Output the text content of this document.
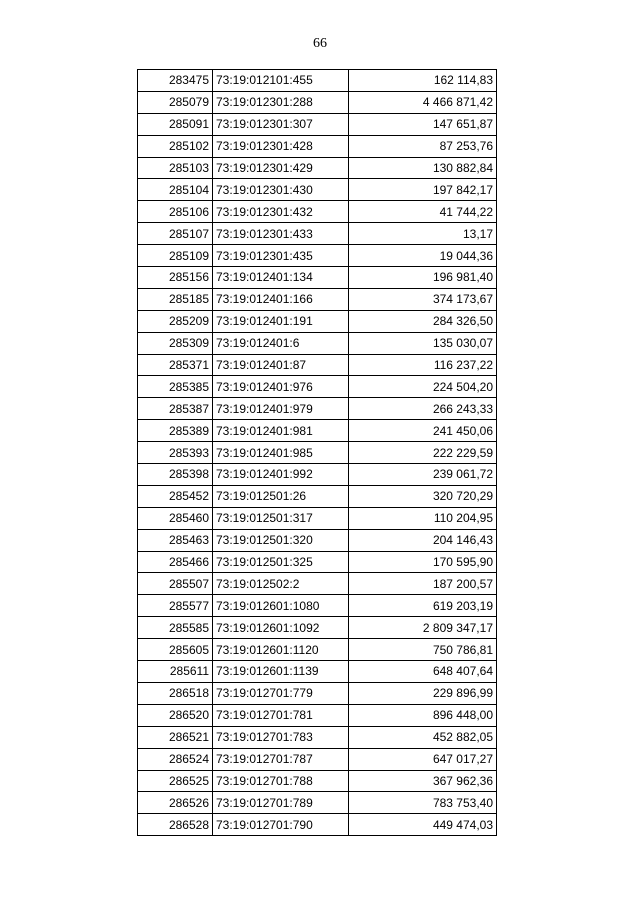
66
283475	73:19:012101:455	162 114,83
285079	73:19:012301:288	4 466 871,42
285091	73:19:012301:307	147 651,87
285102	73:19:012301:428	87 253,76
285103	73:19:012301:429	130 882,84
285104	73:19:012301:430	197 842,17
285106	73:19:012301:432	41 744,22
285107	73:19:012301:433	13,17
285109	73:19:012301:435	19 044,36
285156	73:19:012401:134	196 981,40
285185	73:19:012401:166	374 173,67
285209	73:19:012401:191	284 326,50
285309	73:19:012401:6	135 030,07
285371	73:19:012401:87	116 237,22
285385	73:19:012401:976	224 504,20
285387	73:19:012401:979	266 243,33
285389	73:19:012401:981	241 450,06
285393	73:19:012401:985	222 229,59
285398	73:19:012401:992	239 061,72
285452	73:19:012501:26	320 720,29
285460	73:19:012501:317	110 204,95
285463	73:19:012501:320	204 146,43
285466	73:19:012501:325	170 595,90
285507	73:19:012502:2	187 200,57
285577	73:19:012601:1080	619 203,19
285585	73:19:012601:1092	2 809 347,17
285605	73:19:012601:1120	750 786,81
285611	73:19:012601:1139	648 407,64
286518	73:19:012701:779	229 896,99
286520	73:19:012701:781	896 448,00
286521	73:19:012701:783	452 882,05
286524	73:19:012701:787	647 017,27
286525	73:19:012701:788	367 962,36
286526	73:19:012701:789	783 753,40
286528	73:19:012701:790	449 474,03
